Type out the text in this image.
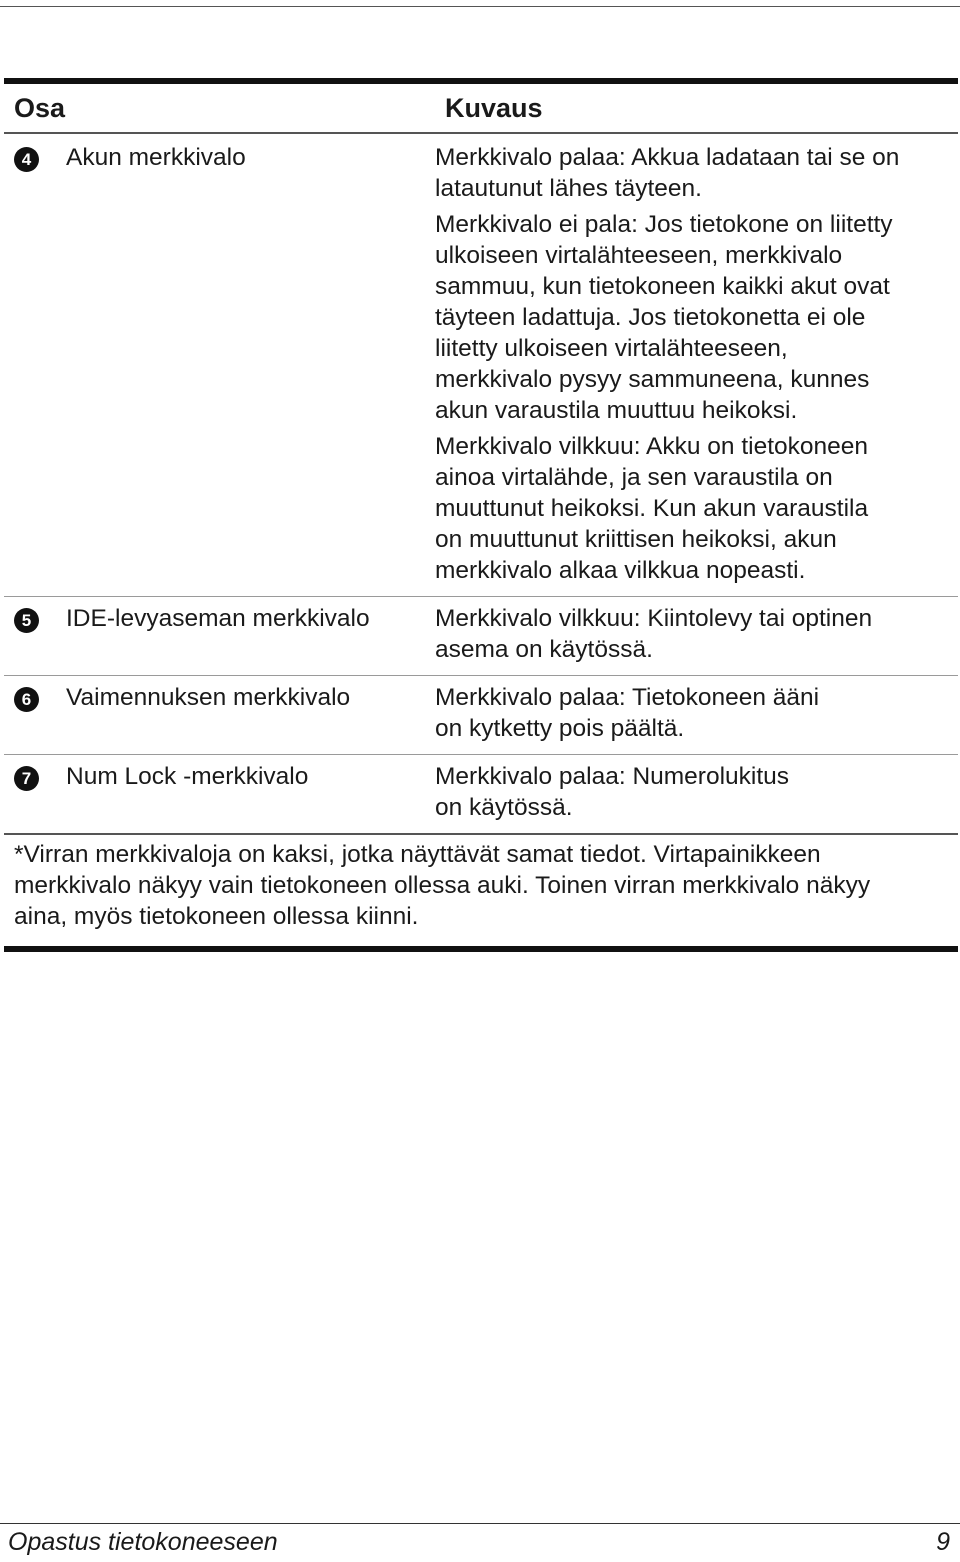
Osa	Kuvaus
4	Akun merkkivalo	Merkkivalo palaa: Akkua ladataan tai se on
latautunut lähes täyteen.

Merkkivalo ei pala: Jos tietokone on liitetty
ulkoiseen virtalähteeseen, merkkivalo
sammuu, kun tietokoneen kaikki akut ovat
täyteen ladattuja. Jos tietokonetta ei ole
liitetty ulkoiseen virtalähteeseen,
merkkivalo pysyy sammuneena, kunnes
akun varaustila muuttuu heikoksi.

Merkkivalo vilkkuu: Akku on tietokoneen
ainoa virtalähde, ja sen varaustila on
muuttunut heikoksi. Kun akun varaustila
on muuttunut kriittisen heikoksi, akun
merkkivalo alkaa vilkkua nopeasti.

5	IDE-levyaseman merkkivalo	Merkkivalo vilkkuu: Kiintolevy tai optinen
asema on käytössä.

6	Vaimennuksen merkkivalo	Merkkivalo palaa: Tietokoneen ääni
on kytketty pois päältä.

7	Num Lock -merkkivalo	Merkkivalo palaa: Numerolukitus
on käytössä.

*Virran merkkivaloja on kaksi, jotka näyttävät samat tiedot. Virtapainikkeen
merkkivalo näkyy vain tietokoneen ollessa auki. Toinen virran merkkivalo näkyy
aina, myös tietokoneen ollessa kiinni.
Opastus tietokoneeseen	9
